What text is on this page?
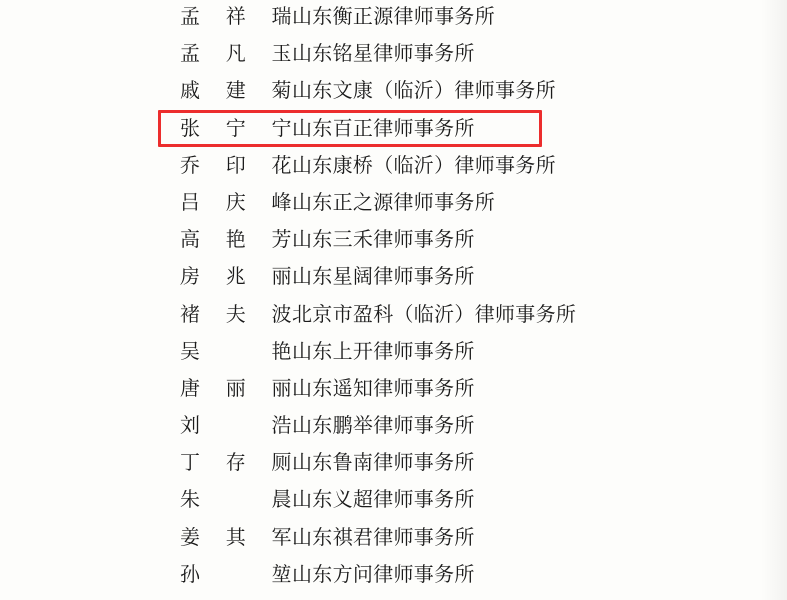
孟祥瑞 山东衡正源律师事务所
孟凡玉 山东铭星律师事务所
戚建菊 山东文康（临沂）律师事务所
张宁宁 山东百正律师事务所
乔印花 山东康桥（临沂）律师事务所
吕庆峰 山东正之源律师事务所
高艳芳 山东三禾律师事务所
房兆丽 山东星阔律师事务所
褚夫波 北京市盈科（临沂）律师事务所
吴 艳 山东上开律师事务所
唐丽丽 山东遥知律师事务所
刘 浩 山东鹏举律师事务所
丁存厕 山东鲁南律师事务所
朱 晨 山东义超律师事务所
姜其军 山东祺君律师事务所
孙 堃 山东方问律师事务所
